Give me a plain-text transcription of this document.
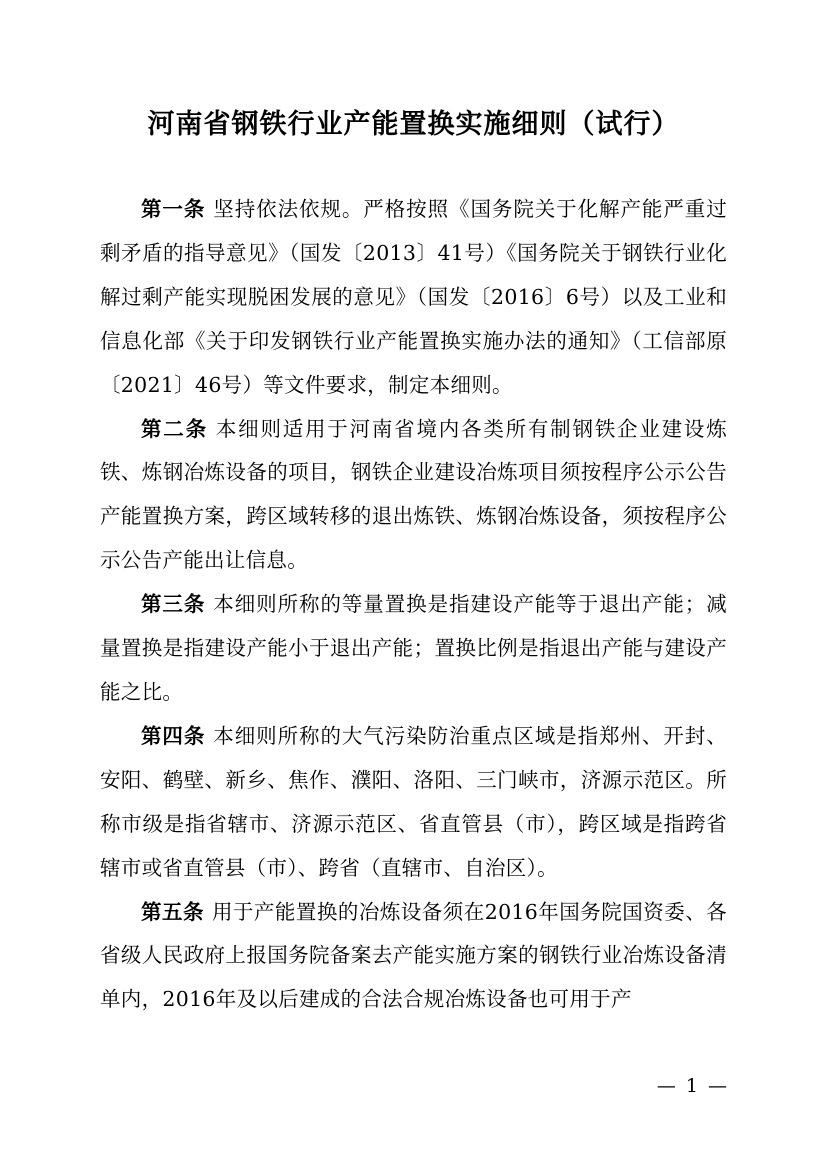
河南省钢铁行业产能置换实施细则（试行）

第一条 坚持依法依规。严格按照《国务院关于化解产能严重过剩矛盾的指导意见》（国发〔2013〕41号）《国务院关于钢铁行业化解过剩产能实现脱困发展的意见》（国发〔2016〕6号）以及工业和信息化部《关于印发钢铁行业产能置换实施办法的通知》（工信部原〔2021〕46号）等文件要求，制定本细则。

第二条 本细则适用于河南省境内各类所有制钢铁企业建设炼铁、炼钢冶炼设备的项目，钢铁企业建设冶炼项目须按程序公示公告产能置换方案，跨区域转移的退出炼铁、炼钢冶炼设备，须按程序公示公告产能出让信息。

第三条 本细则所称的等量置换是指建设产能等于退出产能；减量置换是指建设产能小于退出产能；置换比例是指退出产能与建设产能之比。

第四条 本细则所称的大气污染防治重点区域是指郑州、开封、安阳、鹤壁、新乡、焦作、濮阳、洛阳、三门峡市，济源示范区。所称市级是指省辖市、济源示范区、省直管县（市），跨区域是指跨省辖市或省直管县（市）、跨省（直辖市、自治区）。

第五条 用于产能置换的冶炼设备须在2016年国务院国资委、各省级人民政府上报国务院备案去产能实施方案的钢铁行业冶炼设备清单内，2016年及以后建成的合法合规冶炼设备也可用于产

— 1 —
